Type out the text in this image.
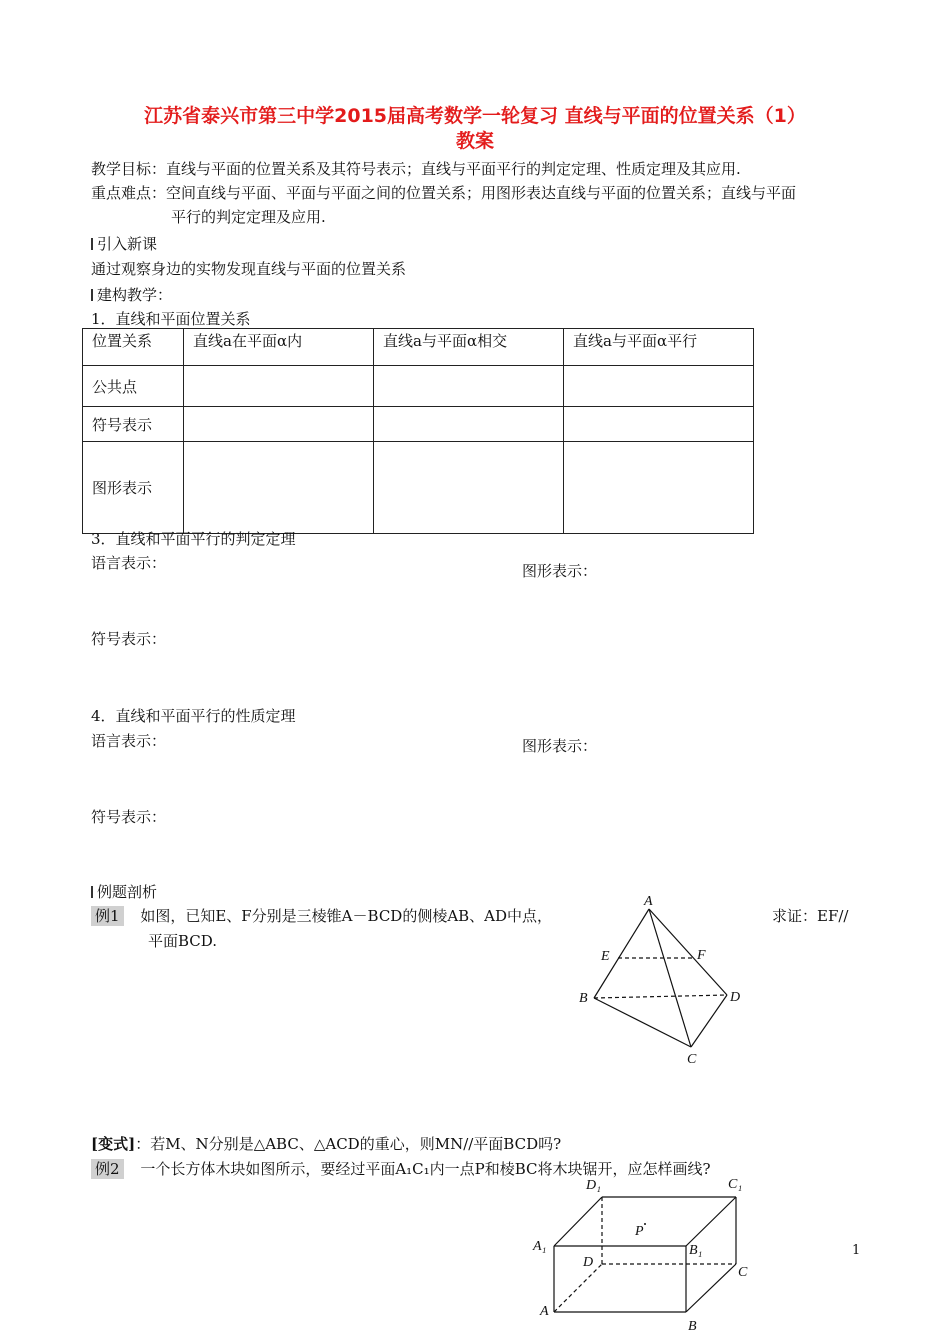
江苏省泰兴市第三中学2015届高考数学一轮复习 直线与平面的位置关系（1）
教案
教学目标：直线与平面的位置关系及其符号表示；直线与平面平行的判定定理、性质定理及其应用.
重点难点：空间直线与平面、平面与平面之间的位置关系；用图形表达直线与平面的位置关系；直线与平面
平行的判定定理及应用.
引入新课
通过观察身边的实物发现直线与平面的位置关系
建构教学：
1．直线和平面位置关系
位置关系	直线a在平面α内	直线a与平面α相交	直线a与平面α平行
公共点			
符号表示			
图形表示			
3．直线和平面平行的判定定理
语言表示：	图形表示：
符号表示：
4．直线和平面平行的性质定理
语言表示：	图形表示：
符号表示：
例题剖析
例1 如图，已知E、F分别是三棱锥A－BCD的侧棱AB、AD中点，	求证：EF//
平面BCD.
A
E	F
B	D
C
[变式]：若M、N分别是△ABC、△ACD的重心，则MN//平面BCD吗?
例2 一个长方体木块如图所示，要经过平面A₁C₁内一点P和棱BC将木块锯开，应怎样画线?
D₁	C₁
P
A₁	B₁
D
C
A
B
1
